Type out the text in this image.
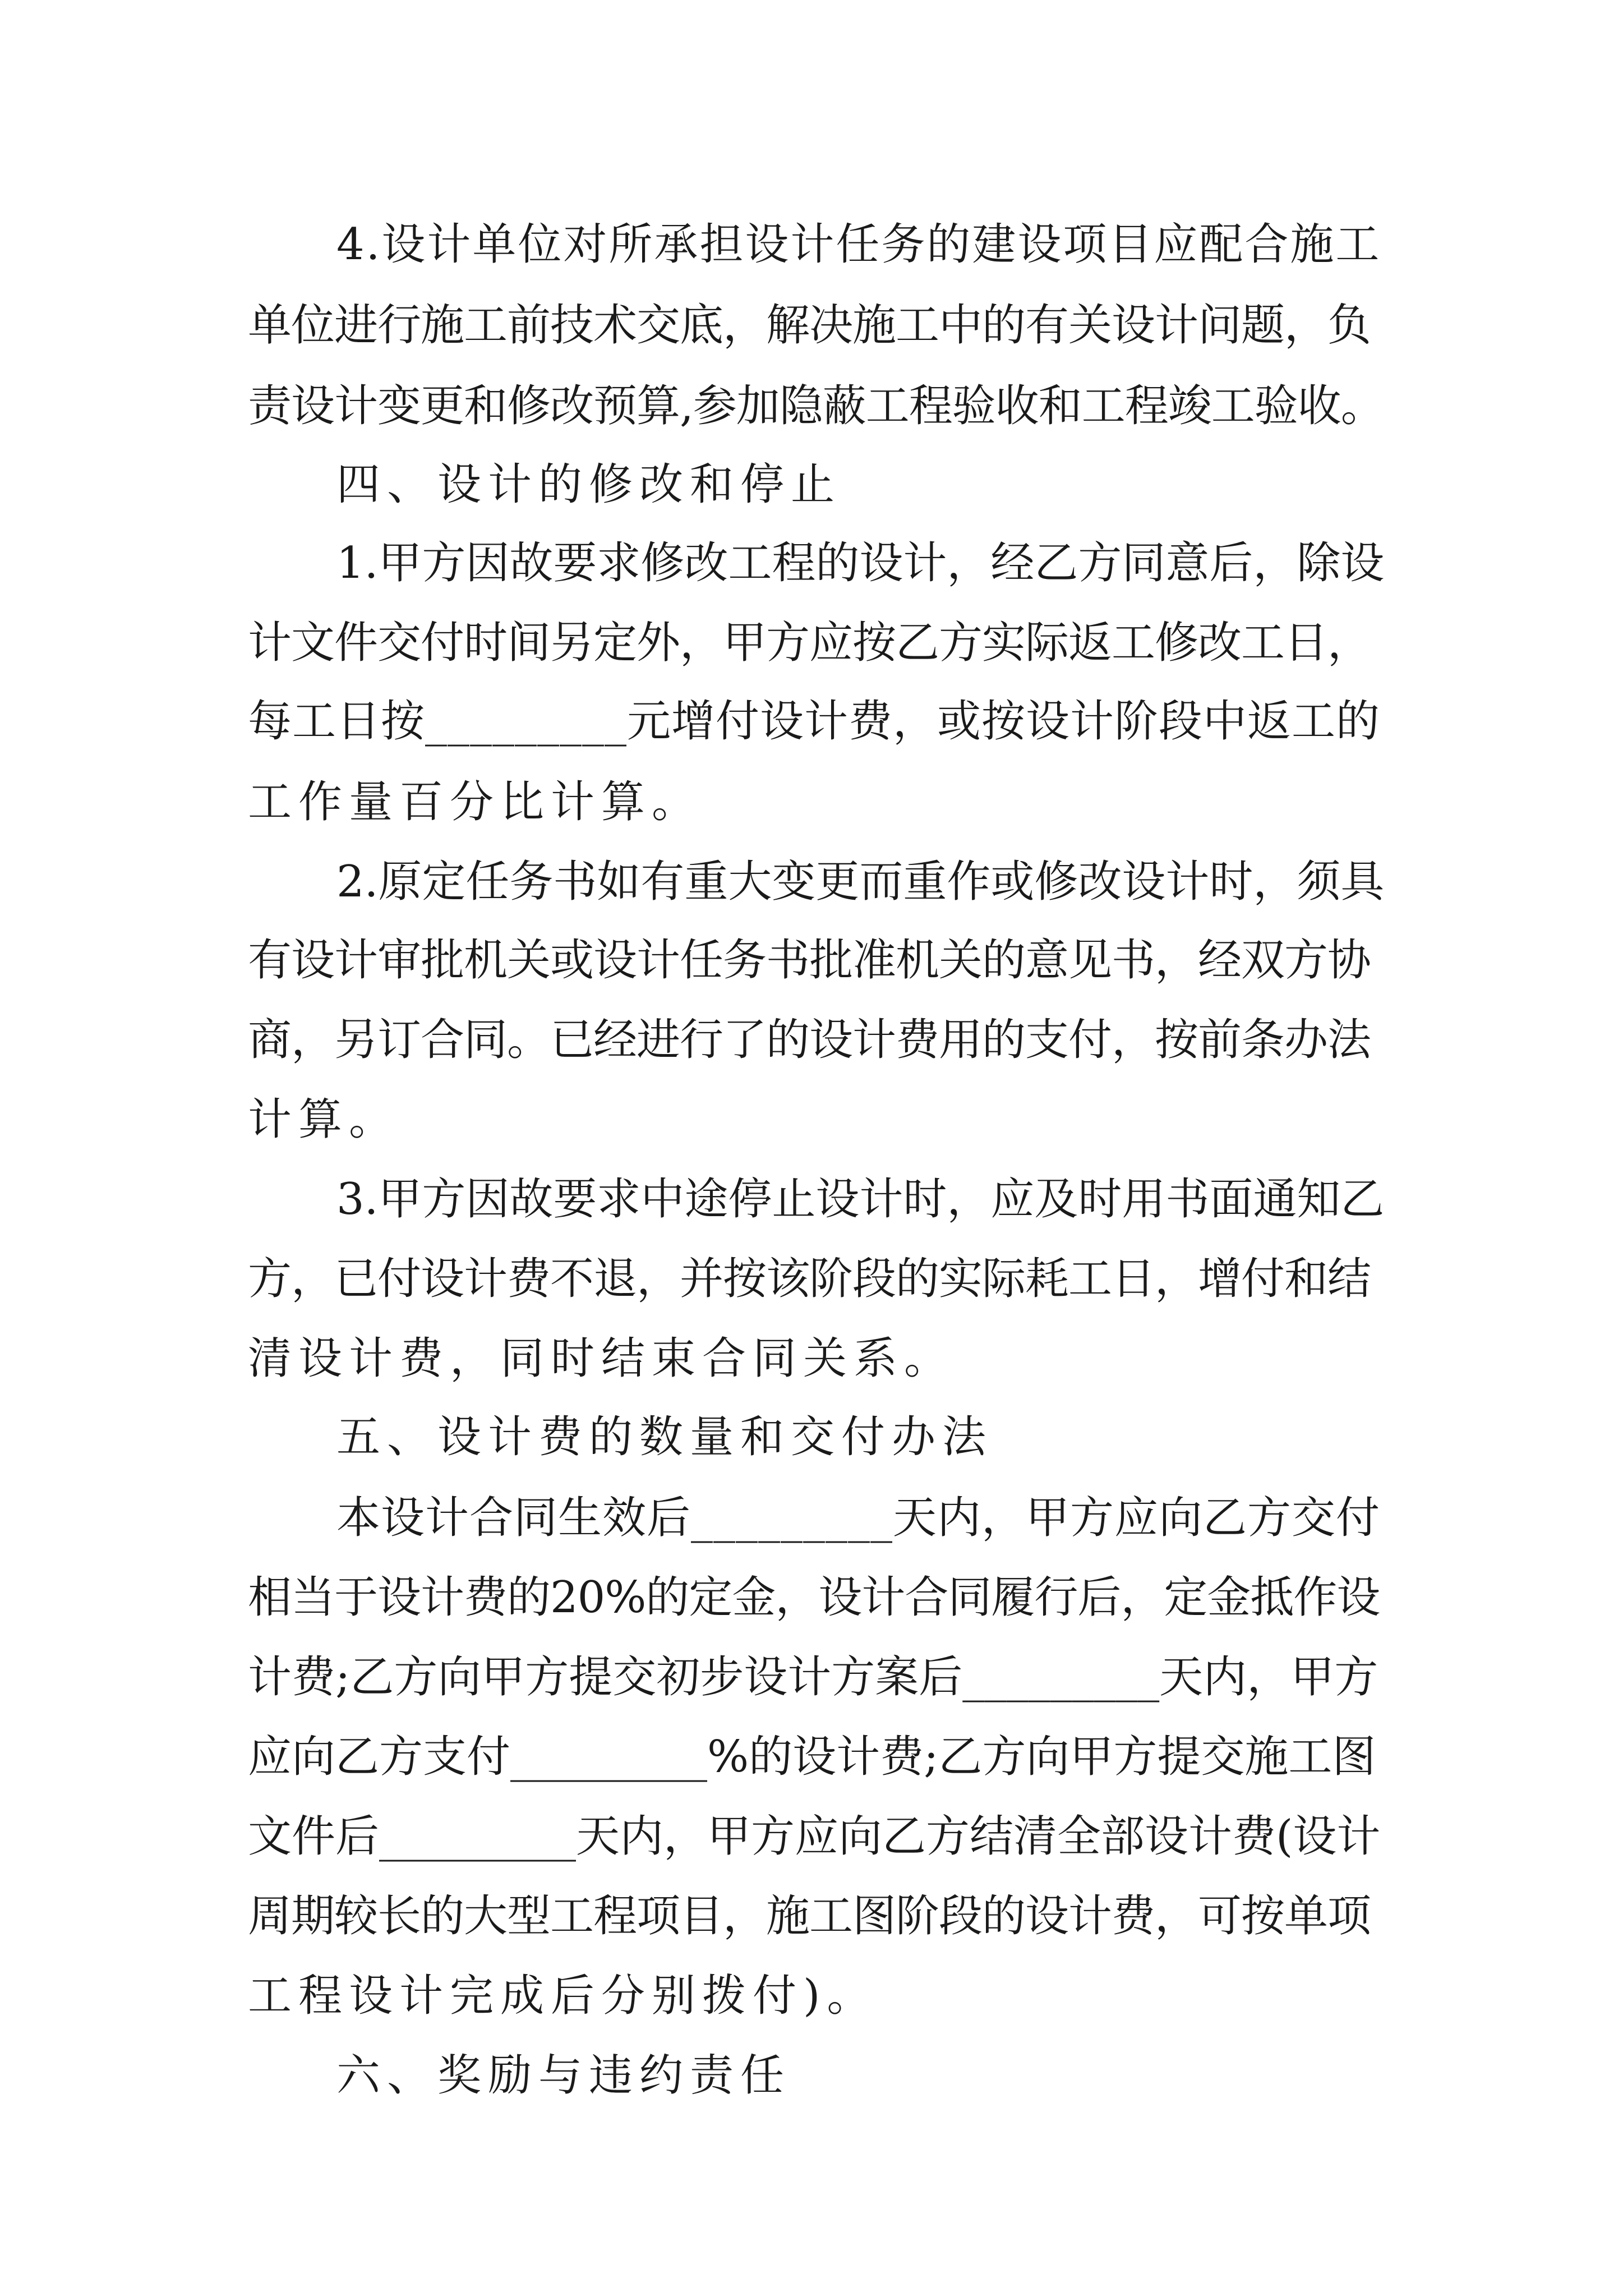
4.设计单位对所承担设计任务的建设项目应配合施工
单位进行施工前技术交底，解决施工中的有关设计问题，负
责设计变更和修改预算,参加隐蔽工程验收和工程竣工验收。
四、设计的修改和停止
1.甲方因故要求修改工程的设计，经乙方同意后，除设
计文件交付时间另定外，甲方应按乙方实际返工修改工日，
每工日按_________元增付设计费，或按设计阶段中返工的
工作量百分比计算。
2.原定任务书如有重大变更而重作或修改设计时，须具
有设计审批机关或设计任务书批准机关的意见书，经双方协
商，另订合同。已经进行了的设计费用的支付，按前条办法
计算。
3.甲方因故要求中途停止设计时，应及时用书面通知乙
方，已付设计费不退，并按该阶段的实际耗工日，增付和结
清设计费，同时结束合同关系。
五、设计费的数量和交付办法
本设计合同生效后_________天内，甲方应向乙方交付
相当于设计费的20%的定金，设计合同履行后，定金抵作设
计费;乙方向甲方提交初步设计方案后_________天内，甲方
应向乙方支付_________%的设计费;乙方向甲方提交施工图
文件后_________天内，甲方应向乙方结清全部设计费(设计
周期较长的大型工程项目，施工图阶段的设计费，可按单项
工程设计完成后分别拨付)。
六、奖励与违约责任
